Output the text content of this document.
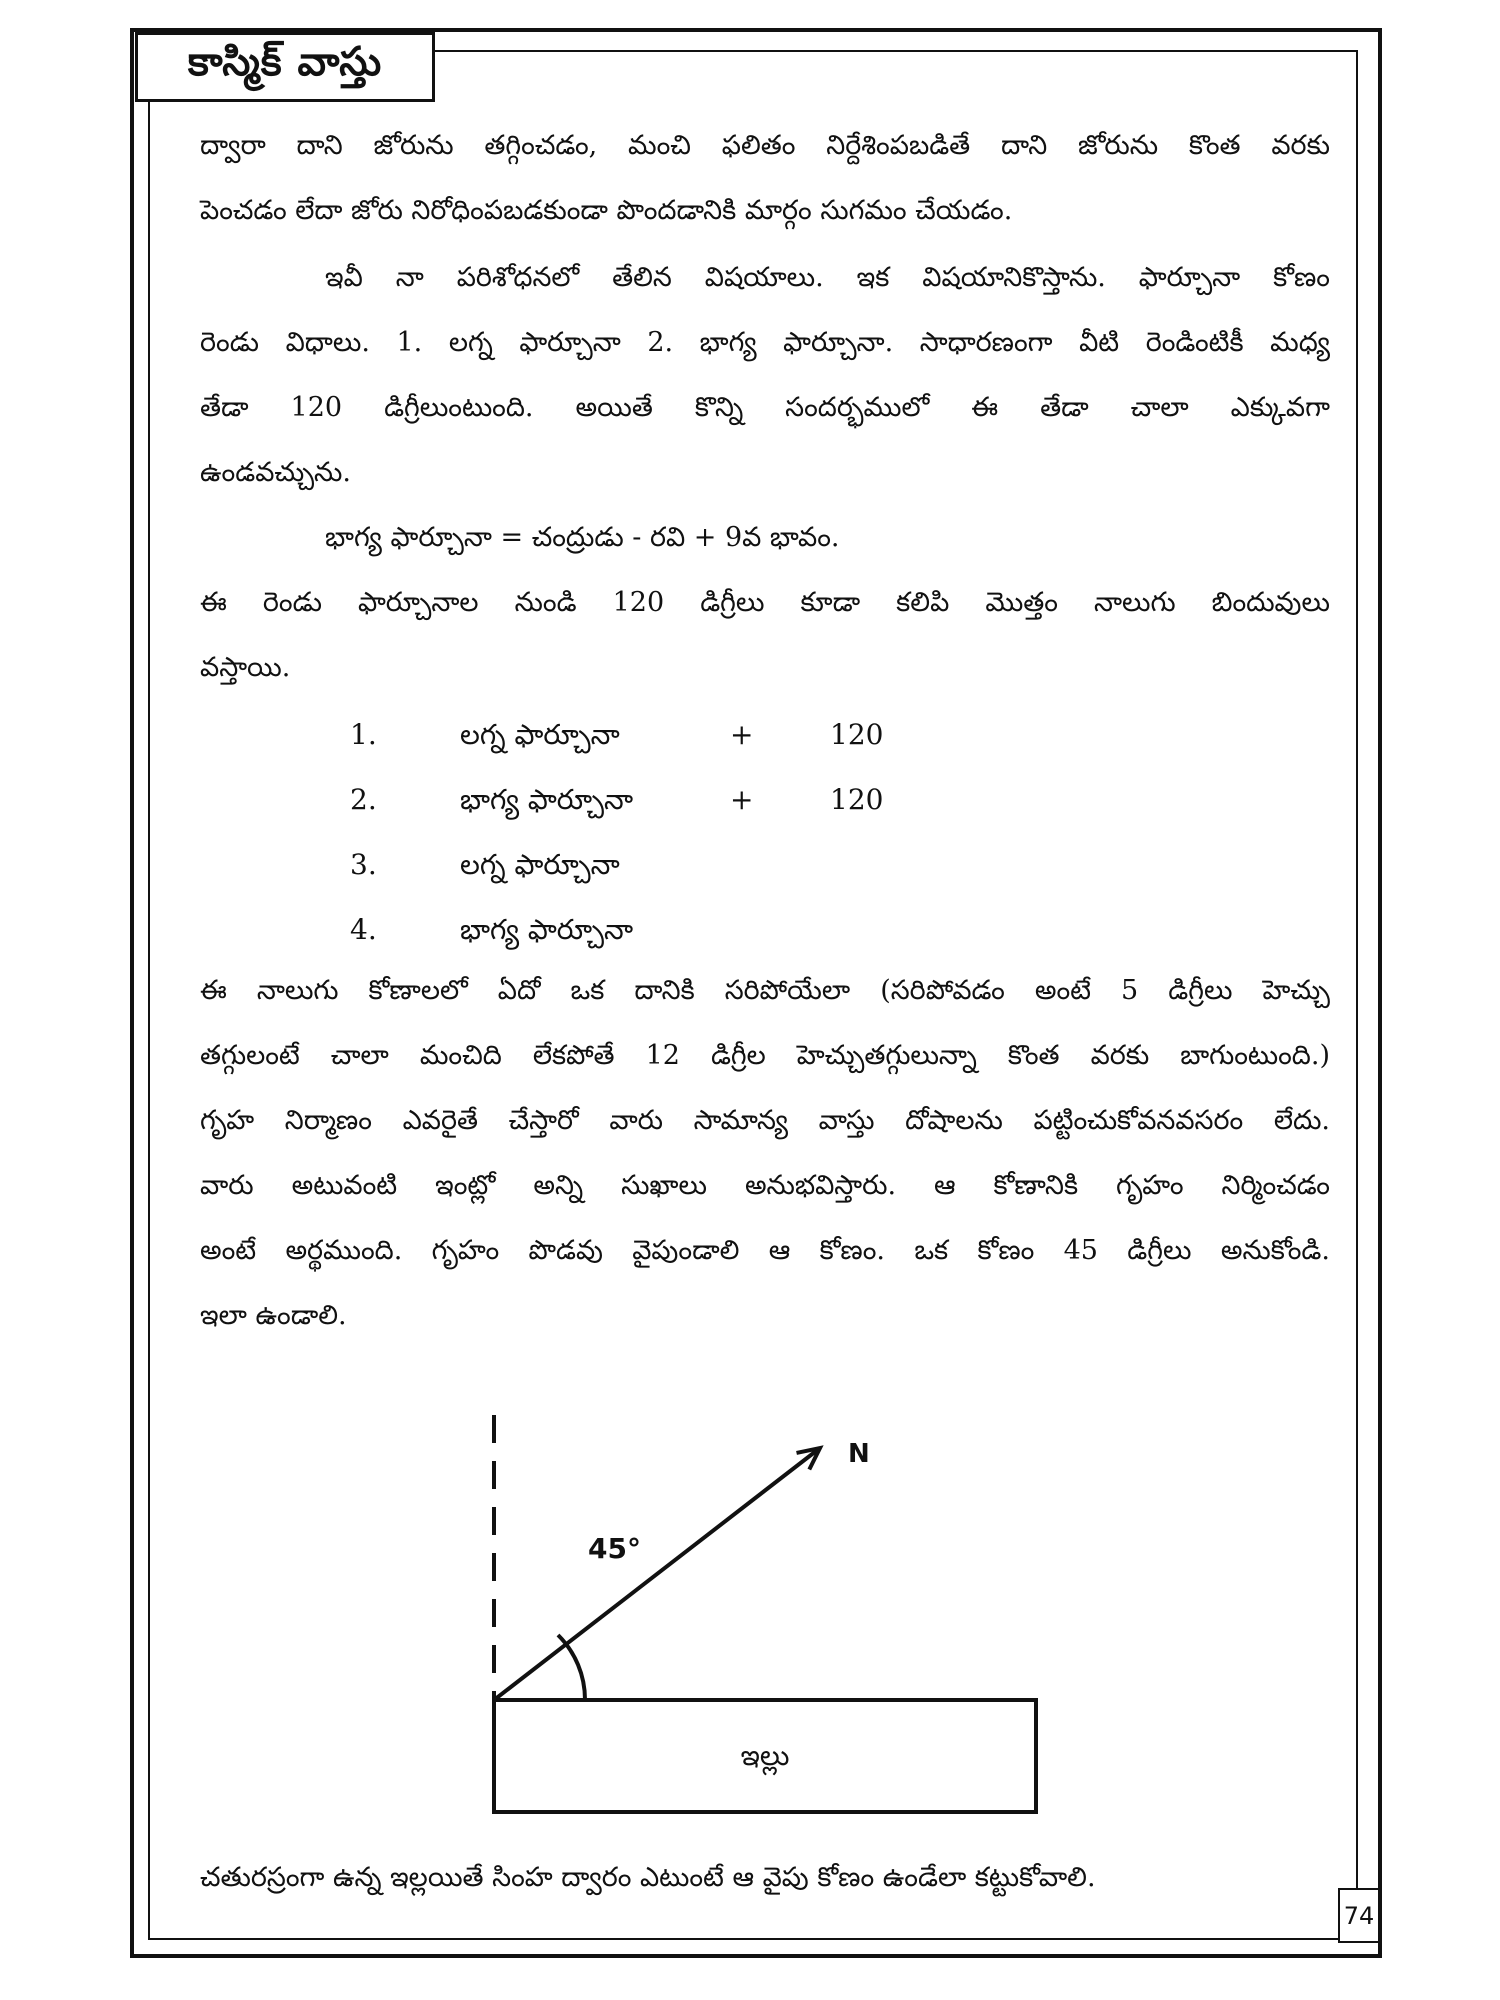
కాస్మిక్ వాస్తు
ద్వారా దాని జోరును తగ్గించడం, మంచి ఫలితం నిర్దేశింపబడితే దాని జోరును కొంత వరకు
పెంచడం లేదా జోరు నిరోధింపబడకుండా పొందడానికి మార్గం సుగమం చేయడం.
ఇవీ నా పరిశోధనలో తేలిన విషయాలు. ఇక విషయానికొస్తాను. ఫార్చూనా కోణం
రెండు విధాలు. 1. లగ్న ఫార్చూనా 2. భాగ్య ఫార్చూనా. సాధారణంగా వీటి రెండింటికీ మధ్య
తేడా 120 డిగ్రీలుంటుంది. అయితే కొన్ని సందర్భములో ఈ తేడా చాలా ఎక్కువగా
ఉండవచ్చును.
భాగ్య ఫార్చూనా = చంద్రుడు - రవి + 9వ భావం.
ఈ రెండు ఫార్చూనాల నుండి 120 డిగ్రీలు కూడా కలిపి మొత్తం నాలుగు బిందువులు
వస్తాయి.
1.	లగ్న ఫార్చూనా	+	120
2.	భాగ్య ఫార్చూనా	+	120
3.	లగ్న ఫార్చూనా
4.	భాగ్య ఫార్చూనా
ఈ నాలుగు కోణాలలో ఏదో ఒక దానికి సరిపోయేలా (సరిపోవడం అంటే 5 డిగ్రీలు హెచ్చు
తగ్గులంటే చాలా మంచిది లేకపోతే 12 డిగ్రీల హెచ్చుతగ్గులున్నా కొంత వరకు బాగుంటుంది.)
గృహ నిర్మాణం ఎవరైతే చేస్తారో వారు సామాన్య వాస్తు దోషాలను పట్టించుకోవనవసరం లేదు.
వారు అటువంటి ఇంట్లో అన్ని సుఖాలు అనుభవిస్తారు. ఆ కోణానికి గృహం నిర్మించడం
అంటే అర్థముంది. గృహం పొడవు వైపుండాలి ఆ కోణం. ఒక కోణం 45 డిగ్రీలు అనుకోండి.
ఇలా ఉండాలి.
N
45°
ఇల్లు
చతురస్రంగా ఉన్న ఇల్లయితే సింహ ద్వారం ఎటుంటే ఆ వైపు కోణం ఉండేలా కట్టుకోవాలి.
74
